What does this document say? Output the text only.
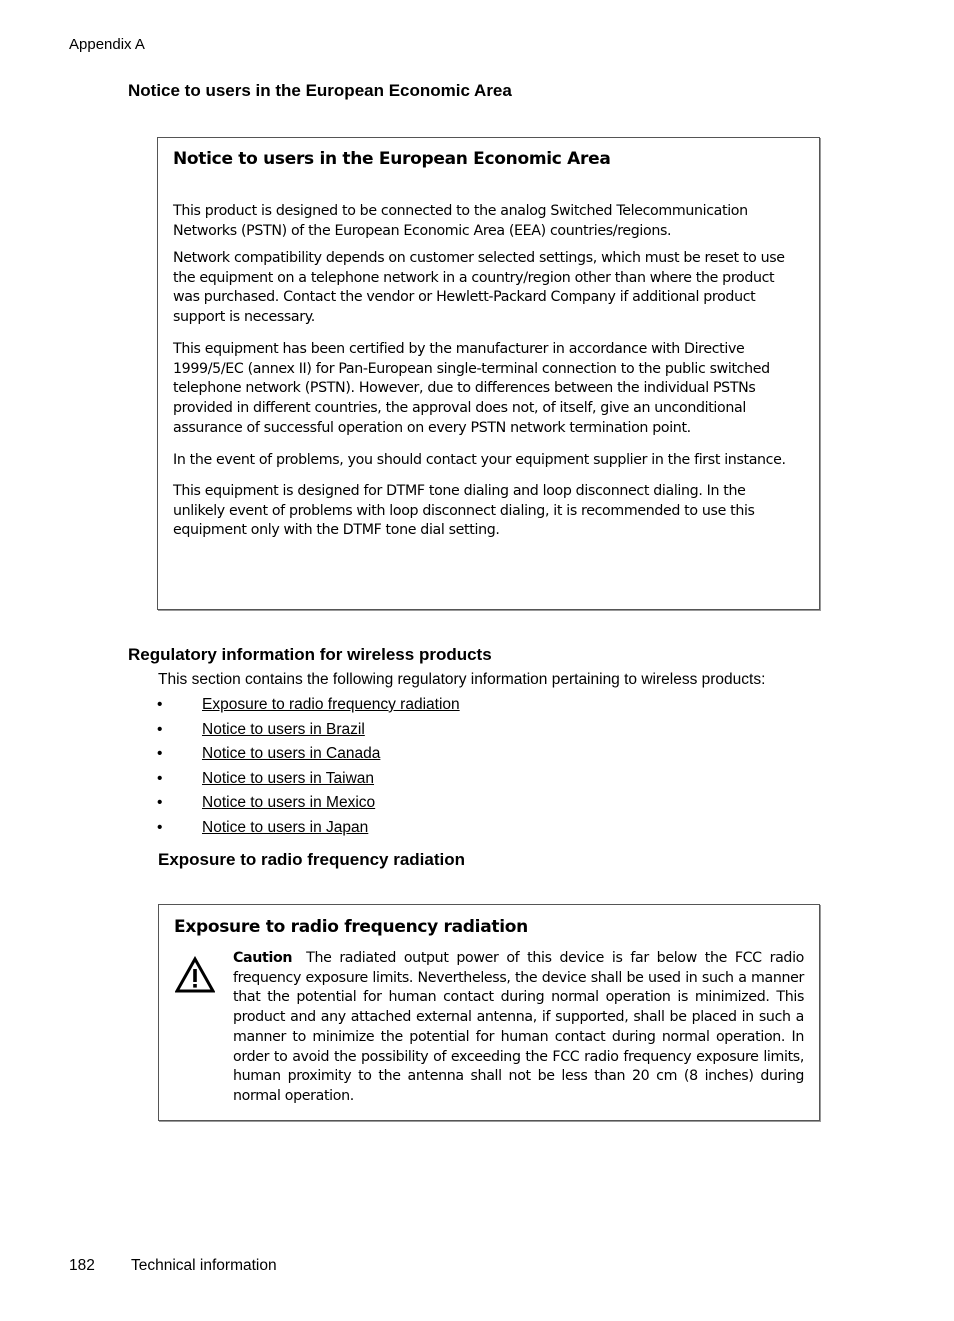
Appendix A
Notice to users in the European Economic Area
Notice to users in the European Economic Area
This product is designed to be connected to the analog Switched Telecommunication Networks (PSTN) of the European Economic Area (EEA) countries/regions.
Network compatibility depends on customer selected settings, which must be reset to use the equipment on a telephone network in a country/region other than where the product was purchased. Contact the vendor or Hewlett-Packard Company if additional product support is necessary.
This equipment has been certified by the manufacturer in accordance with Directive 1999/5/EC (annex II) for Pan-European single-terminal connection to the public switched telephone network (PSTN). However, due to differences between the individual PSTNs provided in different countries, the approval does not, of itself, give an unconditional assurance of successful operation on every PSTN network termination point.
In the event of problems, you should contact your equipment supplier in the first instance.
This equipment is designed for DTMF tone dialing and loop disconnect dialing. In the unlikely event of problems with loop disconnect dialing, it is recommended to use this equipment only with the DTMF tone dial setting.
Regulatory information for wireless products
This section contains the following regulatory information pertaining to wireless products:
•	Exposure to radio frequency radiation
•	Notice to users in Brazil
•	Notice to users in Canada
•	Notice to users in Taiwan
•	Notice to users in Mexico
•	Notice to users in Japan
Exposure to radio frequency radiation
Exposure to radio frequency radiation
Caution The radiated output power of this device is far below the FCC radio frequency exposure limits. Nevertheless, the device shall be used in such a manner that the potential for human contact during normal operation is minimized. This product and any attached external antenna, if supported, shall be placed in such a manner to minimize the potential for human contact during normal operation. In order to avoid the possibility of exceeding the FCC radio frequency exposure limits, human proximity to the antenna shall not be less than 20 cm (8 inches) during normal operation.
182 Technical information
